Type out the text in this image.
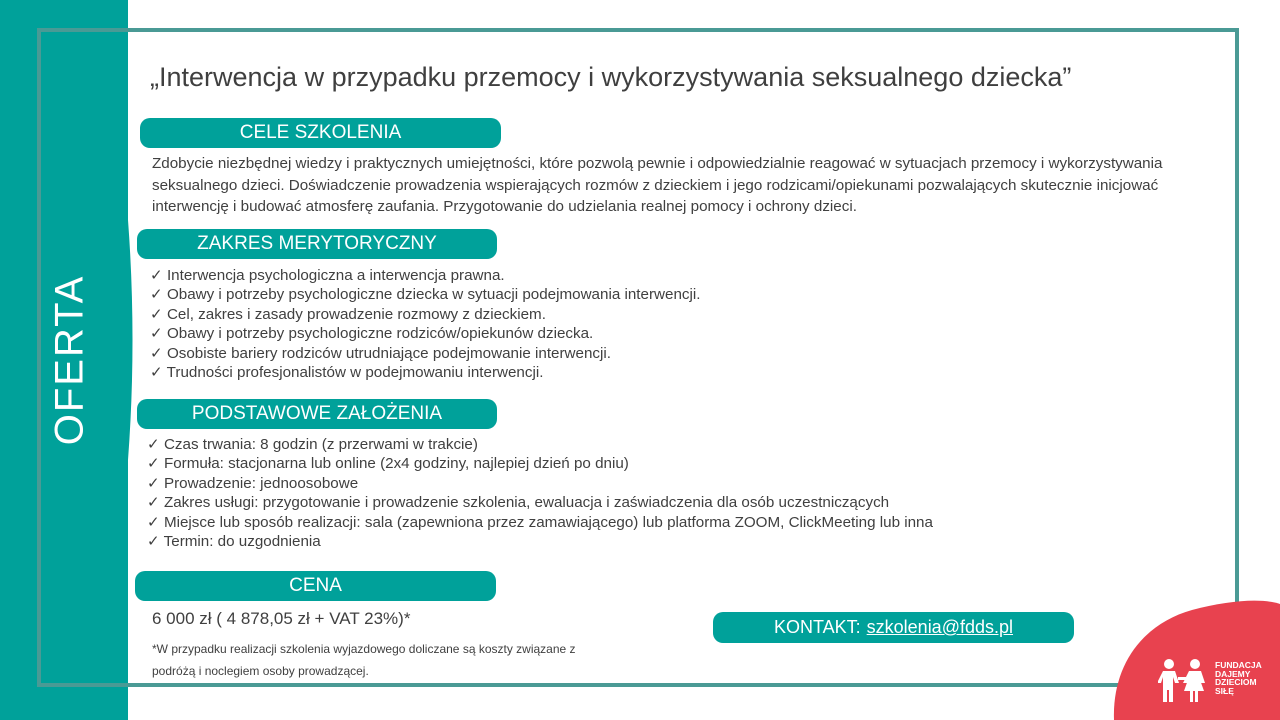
OFERTA
„Interwencja w przypadku przemocy i wykorzystywania seksualnego dziecka”
CELE SZKOLENIA
Zdobycie niezbędnej wiedzy i praktycznych umiejętności, które pozwolą pewnie i odpowiedzialnie reagować w sytuacjach przemocy i wykorzystywania seksualnego dzieci. Doświadczenie prowadzenia wspierających rozmów z dzieckiem i jego rodzicami/opiekunami pozwalających skutecznie inicjować interwencję i budować atmosferę zaufania. Przygotowanie do udzielania realnej pomocy i ochrony dzieci.
ZAKRES MERYTORYCZNY
✓ Interwencja psychologiczna a interwencja prawna.
✓ Obawy i potrzeby psychologiczne dziecka w sytuacji podejmowania interwencji.
✓ Cel, zakres i zasady prowadzenie rozmowy z dzieckiem.
✓ Obawy i potrzeby psychologiczne rodziców/opiekunów dziecka.
✓ Osobiste bariery rodziców utrudniające podejmowanie interwencji.
✓ Trudności profesjonalistów w podejmowaniu interwencji.
PODSTAWOWE ZAŁOŻENIA
✓ Czas trwania: 8 godzin (z przerwami w trakcie)
✓ Formuła: stacjonarna lub online (2x4 godziny, najlepiej dzień po dniu)
✓ Prowadzenie: jednoosobowe
✓ Zakres usługi: przygotowanie i prowadzenie szkolenia, ewaluacja i zaświadczenia dla osób uczestniczących
✓ Miejsce lub sposób realizacji: sala (zapewniona przez zamawiającego) lub platforma ZOOM, ClickMeeting lub inna
✓ Termin: do uzgodnienia
CENA
6 000 zł ( 4 878,05 zł + VAT 23%)*
*W przypadku realizacji szkolenia wyjazdowego doliczane są koszty związane z podróżą i noclegiem osoby prowadzącej.
KONTAKT: szkolenia@fdds.pl
FUNDACJA
DAJEMY
DZIECIOM
SIŁĘ
